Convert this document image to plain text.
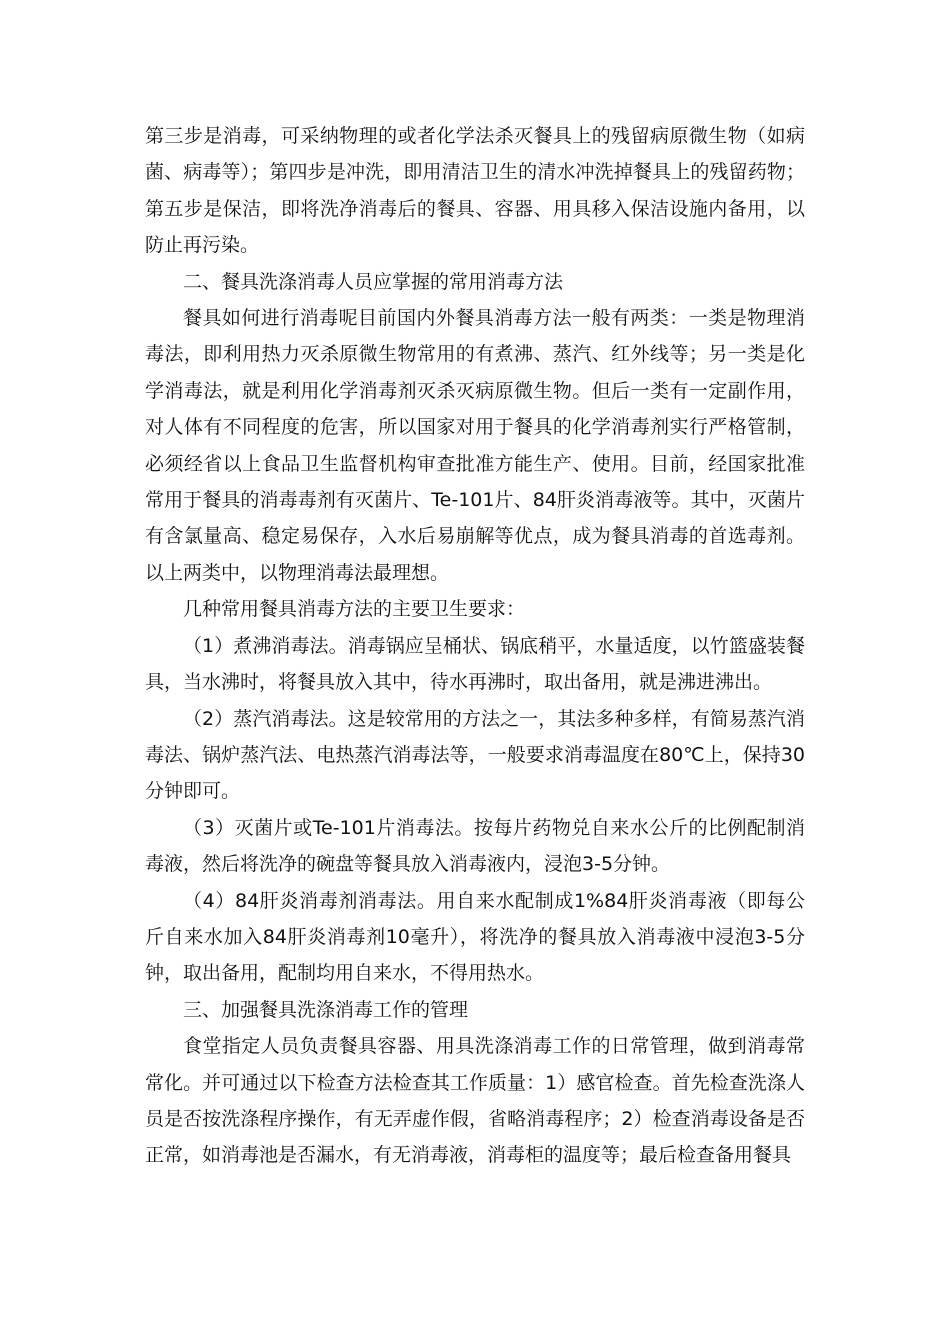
第三步是消毒，可采纳物理的或者化学法杀灭餐具上的残留病原微生物（如病菌、病毒等）；第四步是冲洗，即用清洁卫生的清水冲洗掉餐具上的残留药物；第五步是保洁，即将洗净消毒后的餐具、容器、用具移入保洁设施内备用，以防止再污染。

二、餐具洗涤消毒人员应掌握的常用消毒方法

餐具如何进行消毒呢目前国内外餐具消毒方法一般有两类：一类是物理消毒法，即利用热力灭杀原微生物常用的有煮沸、蒸汽、红外线等；另一类是化学消毒法，就是利用化学消毒剂灭杀灭病原微生物。但后一类有一定副作用，对人体有不同程度的危害，所以国家对用于餐具的化学消毒剂实行严格管制，必须经省以上食品卫生监督机构审查批准方能生产、使用。目前，经国家批准常用于餐具的消毒毒剂有灭菌片、Te-101片、84肝炎消毒液等。其中，灭菌片有含氯量高、稳定易保存，入水后易崩解等优点，成为餐具消毒的首选毒剂。以上两类中，以物理消毒法最理想。

几种常用餐具消毒方法的主要卫生要求：

（1）煮沸消毒法。消毒锅应呈桶状、锅底稍平，水量适度，以竹篮盛装餐具，当水沸时，将餐具放入其中，待水再沸时，取出备用，就是沸进沸出。

（2）蒸汽消毒法。这是较常用的方法之一，其法多种多样，有简易蒸汽消毒法、锅炉蒸汽法、电热蒸汽消毒法等，一般要求消毒温度在80℃上，保持30分钟即可。

（3）灭菌片或Te-101片消毒法。按每片药物兑自来水公斤的比例配制消毒液，然后将洗净的碗盘等餐具放入消毒液内，浸泡3-5分钟。

（4）84肝炎消毒剂消毒法。用自来水配制成1%84肝炎消毒液（即每公斤自来水加入84肝炎消毒剂10毫升），将洗净的餐具放入消毒液中浸泡3-5分钟，取出备用，配制均用自来水，不得用热水。

三、加强餐具洗涤消毒工作的管理

食堂指定人员负责餐具容器、用具洗涤消毒工作的日常管理，做到消毒常常化。并可通过以下检查方法检查其工作质量：1）感官检查。首先检查洗涤人员是否按洗涤程序操作，有无弄虚作假，省略消毒程序；2）检查消毒设备是否正常，如消毒池是否漏水，有无消毒液，消毒柜的温度等；最后检查备用餐具
